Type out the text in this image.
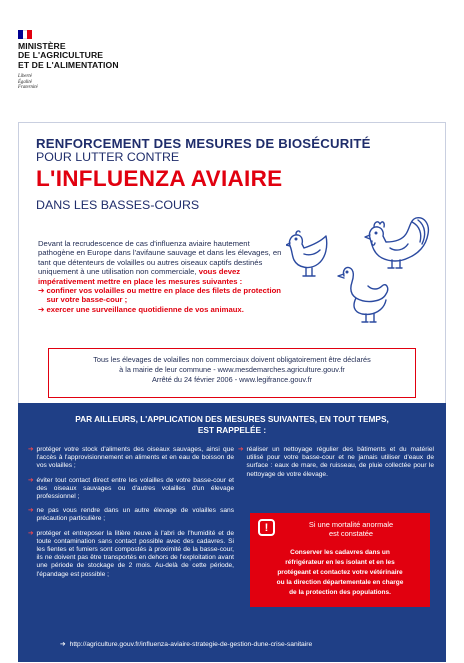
MINISTÈRE
DE L'AGRICULTURE
ET DE L'ALIMENTATION
Liberté
Égalité
Fraternité
RENFORCEMENT DES MESURES DE BIOSÉCURITÉ
POUR LUTTER CONTRE
L'INFLUENZA AVIAIRE
DANS LES BASSES-COURS
Devant la recrudescence de cas d'influenza aviaire hautement pathogène en Europe dans l'avifaune sauvage et dans les élevages, en tant que détenteurs de volailles ou autres oiseaux captifs destinés uniquement à une utilisation non commerciale, vous devez impérativement mettre en place les mesures suivantes :
➔ confiner vos volailles ou mettre en place des filets de protection sur votre basse-cour ;
➔ exercer une surveillance quotidienne de vos animaux.
Tous les élevages de volailles non commerciaux doivent obligatoirement être déclarés
à la mairie de leur commune - www.mesdemarches.agriculture.gouv.fr
Arrêté du 24 février 2006 - www.legifrance.gouv.fr
PAR AILLEURS, L'APPLICATION DES MESURES SUIVANTES, EN TOUT TEMPS,
EST RAPPELÉE :
➔ protéger votre stock d'aliments des oiseaux sauvages, ainsi que l'accès à l'approvisionnement en aliments et en eau de boisson de vos volailles ;
➔ éviter tout contact direct entre les volailles de votre basse-cour et des oiseaux sauvages ou d'autres volailles d'un élevage professionnel ;
➔ ne pas vous rendre dans un autre élevage de volailles sans précaution particulière ;
➔ protéger et entreposer la litière neuve à l'abri de l'humidité et de toute contamination sans contact possible avec des cadavres. Si les fientes et fumiers sont compostés à proximité de la basse-cour, ils ne doivent pas être transportés en dehors de l'exploitation avant une période de stockage de 2 mois. Au-delà de cette période, l'épandage est possible ;
➔ réaliser un nettoyage régulier des bâtiments et du matériel utilisé pour votre basse-cour et ne jamais utiliser d'eaux de surface : eaux de mare, de ruisseau, de pluie collectée pour le nettoyage de votre élevage.
!	Si une mortalité anormale
est constatée
Conserver les cadavres dans un
réfrigérateur en les isolant et en les
protégeant et contactez votre vétérinaire
ou la direction départementale en charge
de la protection des populations.
➔ http://agriculture.gouv.fr/influenza-aviaire-strategie-de-gestion-dune-crise-sanitaire
